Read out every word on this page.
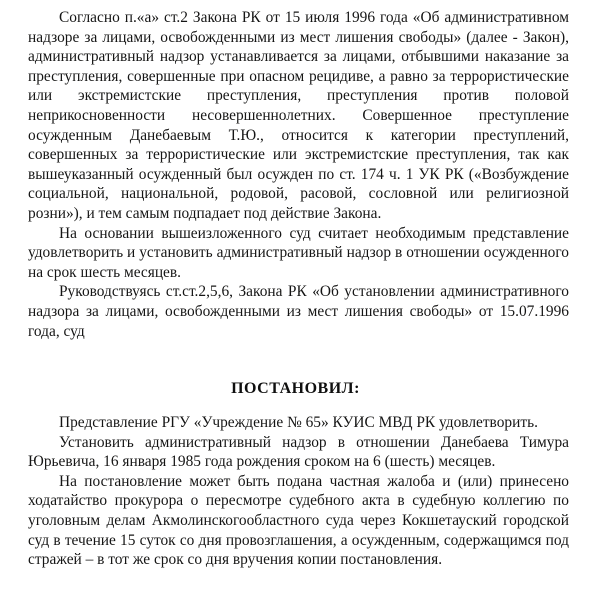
Согласно п.«а» ст.2 Закона РК от 15 июля 1996 года «Об административном надзоре за лицами, освобожденными из мест лишения свободы» (далее - Закон), административный надзор устанавливается за лицами, отбывшими наказание за преступления, совершенные при опасном рецидиве, а равно за террористические или экстремистские преступления, преступления против половой неприкосновенности несовершеннолетних. Совершенное преступление осужденным Данебаевым Т.Ю., относится к категории преступлений, совершенных за террористические или экстремистские преступления, так как вышеуказанный осужденный был осужден по ст. 174 ч. 1 УК РК («Возбуждение социальной, национальной, родовой, расовой, сословной или религиозной розни»), и тем самым подпадает под действие Закона.

На основании вышеизложенного суд считает необходимым представление удовлетворить и установить административный надзор в отношении осужденного на срок шесть месяцев.

Руководствуясь ст.ст.2,5,6, Закона РК «Об установлении административного надзора за лицами, освобожденными из мест лишения свободы» от 15.07.1996 года, суд

ПОСТАНОВИЛ:

Представление РГУ «Учреждение № 65» КУИС МВД РК удовлетворить.

Установить административный надзор в отношении Данебаева Тимура Юрьевича, 16 января 1985 года рождения сроком на 6 (шесть) месяцев.

На постановление может быть подана частная жалоба и (или) принесено ходатайство прокурора о пересмотре судебного акта в судебную коллегию по уголовным делам Акмолинскогообластного суда через Кокшетауский городской суд в течение 15 суток со дня провозглашения, а осужденным, содержащимся под стражей – в тот же срок со дня вручения копии постановления.
